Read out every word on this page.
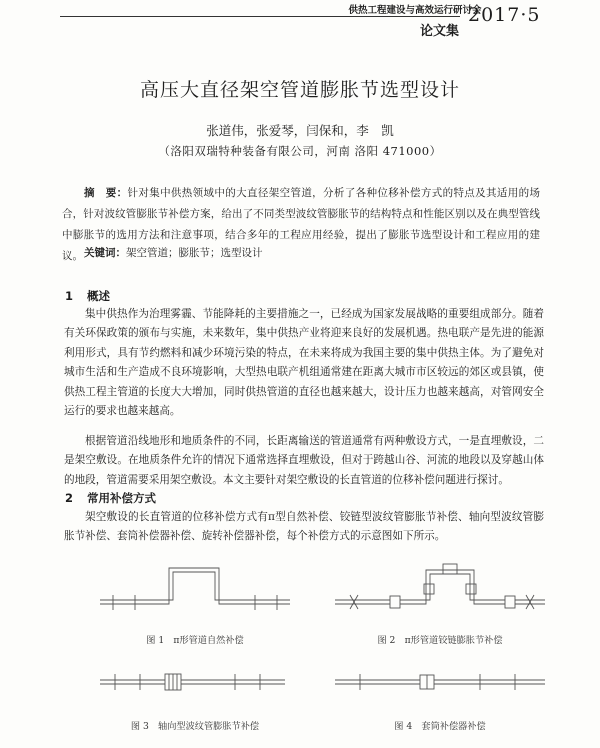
供热工程建设与高效运行研讨会
2017·5
论文集
高压大直径架空管道膨胀节选型设计
张道伟，张爱琴，闫保和，李　凯
（洛阳双瑞特种装备有限公司，河南 洛阳 471000）
摘　要：针对集中供热领域中的大直径架空管道，分析了各种位移补偿方式的特点及其适用的场合，针对波纹管膨胀节补偿方案，给出了不同类型波纹管膨胀节的结构特点和性能区别以及在典型管线中膨胀节的选用方法和注意事项，结合多年的工程应用经验，提出了膨胀节选型设计和工程应用的建议。 关键词：架空管道；膨胀节；选型设计
1 概述
集中供热作为治理雾霾、节能降耗的主要措施之一，已经成为国家发展战略的重要组成部分。随着有关环保政策的颁布与实施，未来数年，集中供热产业将迎来良好的发展机遇。热电联产是先进的能源利用形式，具有节约燃料和减少环境污染的特点，在未来将成为我国主要的集中供热主体。为了避免对城市生活和生产造成不良环境影响，大型热电联产机组通常建在距离大城市市区较远的郊区或县镇，使供热工程主管道的长度大大增加，同时供热管道的直径也越来越大，设计压力也越来越高，对管网安全运行的要求也越来越高。
根据管道沿线地形和地质条件的不同，长距离输送的管道通常有两种敷设方式，一是直埋敷设，二是架空敷设。在地质条件允许的情况下通常选择直埋敷设，但对于跨越山谷、河流的地段以及穿越山体的地段，管道需要采用架空敷设。本文主要针对架空敷设的长直管道的位移补偿问题进行探讨。
2 常用补偿方式
架空敷设的长直管道的位移补偿方式有π型自然补偿、铰链型波纹管膨胀节补偿、轴向型波纹管膨胀节补偿、套筒补偿器补偿、旋转补偿器补偿，每个补偿方式的示意图如下所示。
图 1　 π形管道自然补偿	图 2　 π形管道铰链膨胀节补偿
图 3　 轴向型波纹管膨胀节补偿	图 4　 套筒补偿器补偿
